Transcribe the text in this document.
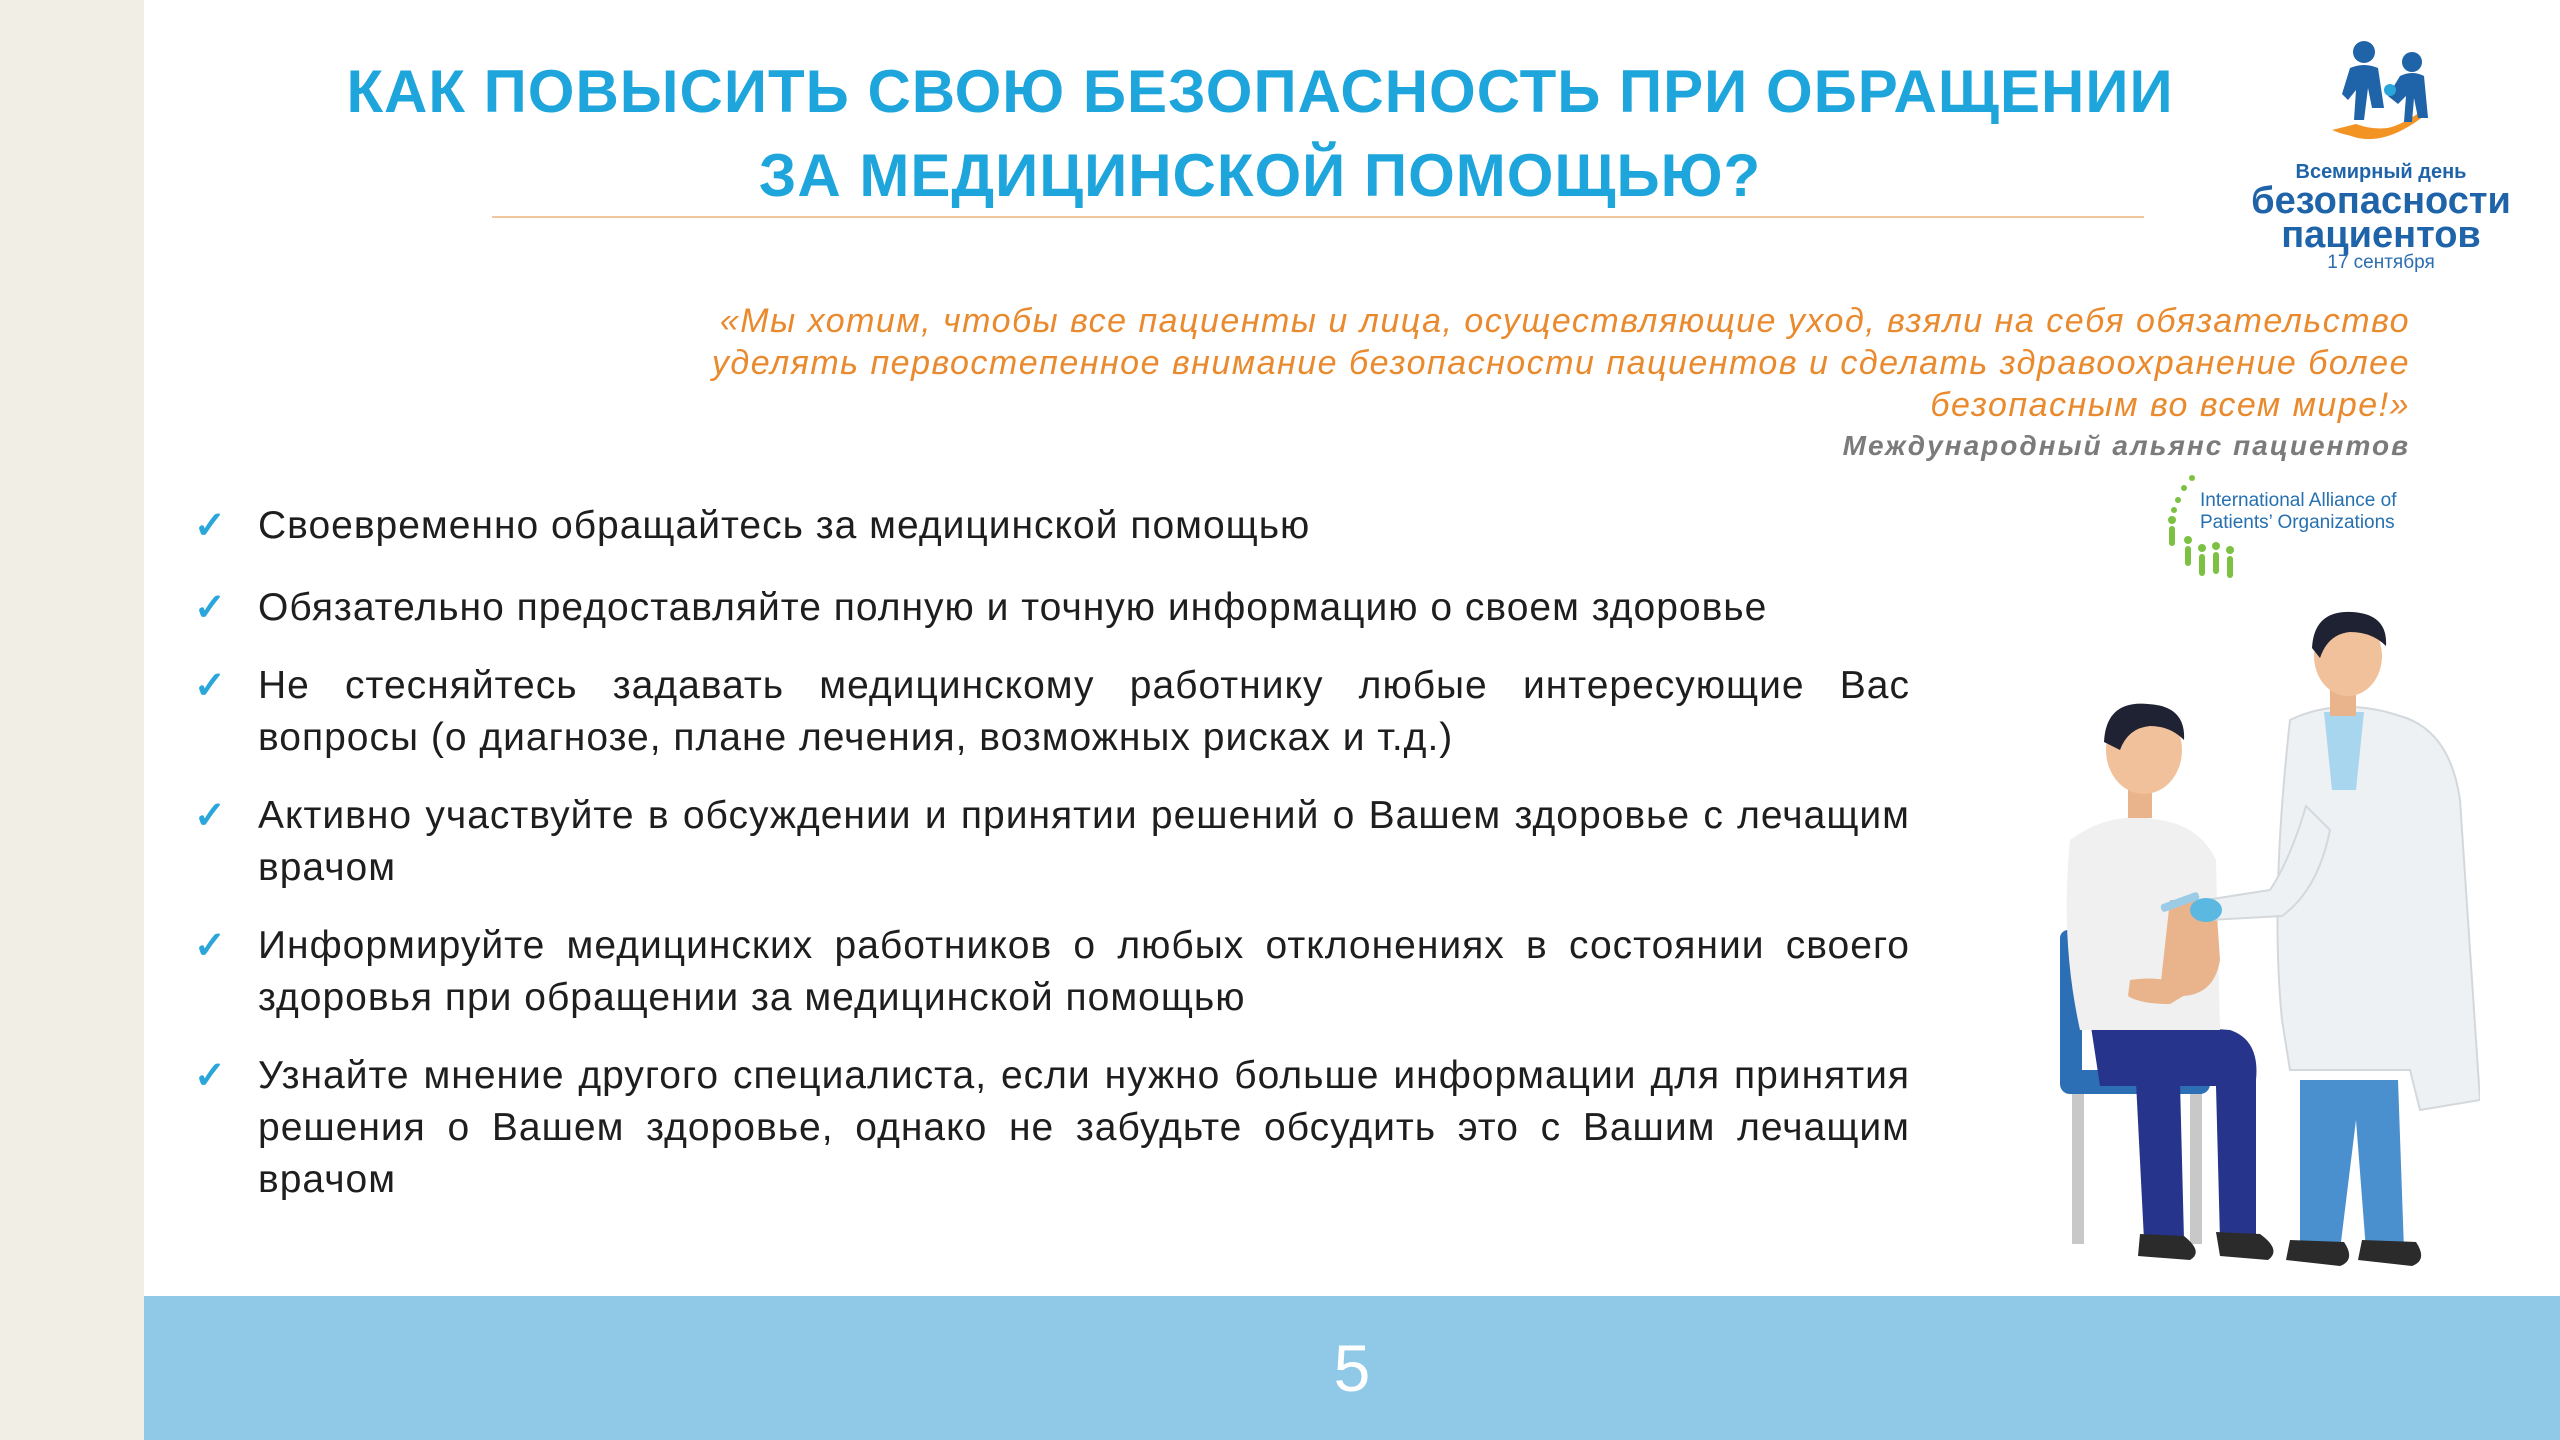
КАК ПОВЫСИТЬ СВОЮ БЕЗОПАСНОСТЬ ПРИ ОБРАЩЕНИИ
ЗА МЕДИЦИНСКОЙ ПОМОЩЬЮ?	Всемирный день
безопасности
пациентов
17 сентября

«Мы хотим, чтобы все пациенты и лица, осуществляющие уход, взяли на себя обязательство
уделять первостепенное внимание безопасности пациентов и сделать здравоохранение более
безопасным во всем мире!»

Международный альянс пациентов
International Alliance of
Patients’ Organizations
✓ Своевременно обращайтесь за медицинской помощью
✓ Обязательно предоставляйте полную и точную информацию о своем здоровье
✓ Не стесняйтесь задавать медицинскому работнику любые интересующие Вас вопросы (о диагнозе, плане лечения, возможных рисках и т.д.)
✓ Активно участвуйте в обсуждении и принятии решений о Вашем здоровье с лечащим врачом
✓ Информируйте медицинских работников о любых отклонениях в состоянии своего здоровья при обращении за медицинской помощью
✓ Узнайте мнение другого специалиста, если нужно больше информации для принятия решения о Вашем здоровье, однако не забудьте обсудить это с Вашим лечащим врачом
5
